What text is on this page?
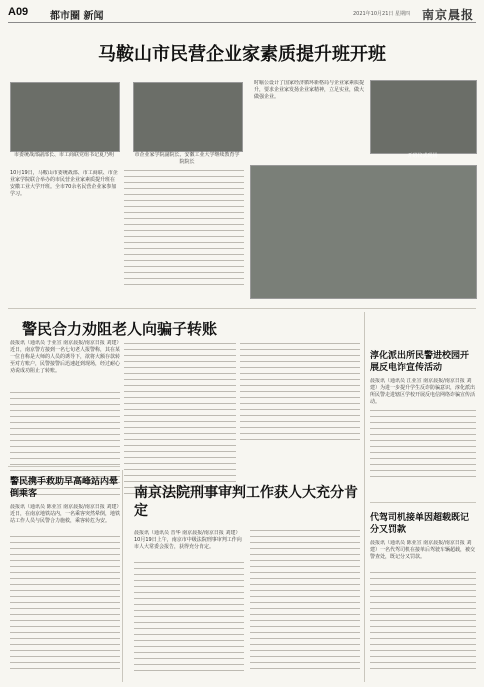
A09 都市圈 新闻	2021年10月21日 星期四 南京晨报
马鞍山市民营企业家素质提升班开班
市委统战部副部长、市工商联党组书记夏乃明	市企业家学院副院长、安徽工业大学继续教育学院院长
时喻公设计了国家经济循环新格局与企业家素质提升，要求企业家发扬企业家精神，立足实业，做大做强企业。
开班仪式现场
10月19日，马鞍山市委统战部、市工商联、市企业家学院联合举办的市民营企业家素质提升班在安徽工业大学开班。全市70余名民营企业家参加学习。
警民合力劝阻老人向骗子转账
晨报讯（通讯员 于业宣 南京晨报/南京日报 刘建）近日，南京警方接到一名七旬老人报警称，其在某一位自称是大师的人员的诱导下，欲将大额存款转至对方账户，民警接警后迅速赶到现场，经过耐心劝说成功阻止了转账。
淳化派出所民警进校园开展反电诈宣传活动
晨报讯（通讯员 江业宣 南京晨报/南京日报 刘建）为进一步提升学生反诈防骗意识，淳化派出所民警走进辖区学校开展反电信网络诈骗宣传活动。
代驾司机接单因超载既记分又罚款
晨报讯（通讯员 陈业宣 南京晨报/南京日报 刘建）一名代驾司机在接单后驾驶车辆超载，被交警查处，既记分又罚款。
警民携手救助早高峰站内晕倒乘客
晨报讯（通讯员 陈业宣 南京晨报/南京日报 刘建）近日，在南京地铁站内，一名乘客突然晕倒，地铁站工作人员与民警合力施救，乘客转危为安。
南京法院刑事审判工作获人大充分肯定
晨报讯（通讯员 晋华 南京晨报/南京日报 刘建）10月19日上午，南京市中级法院刑事审判工作向市人大常委会报告，获得充分肯定。
